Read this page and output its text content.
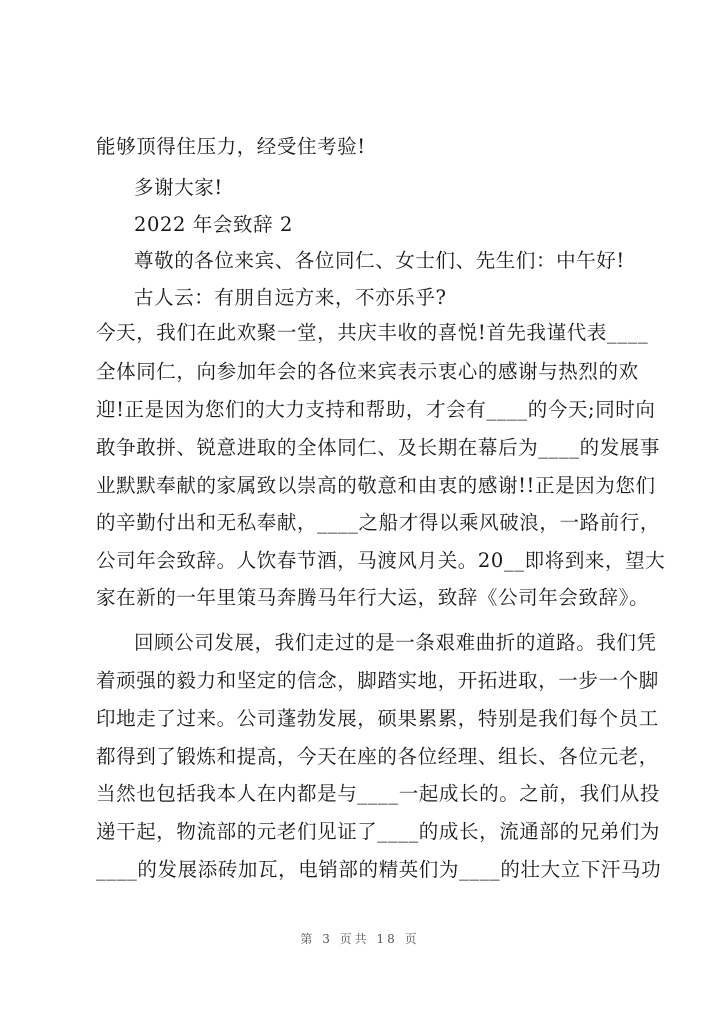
能够顶得住压力，经受住考验!
多谢大家!
2022 年会致辞 2
尊敬的各位来宾、各位同仁、女士们、先生们：中午好!
古人云：有朋自远方来，不亦乐乎?
今天，我们在此欢聚一堂，共庆丰收的喜悦!首先我谨代表____
全体同仁，向参加年会的各位来宾表示衷心的感谢与热烈的欢
迎!正是因为您们的大力支持和帮助，才会有____的今天;同时向
敢争敢拼、锐意进取的全体同仁、及长期在幕后为____的发展事
业默默奉献的家属致以崇高的敬意和由衷的感谢!!正是因为您们
的辛勤付出和无私奉献，____之船才得以乘风破浪，一路前行，
公司年会致辞。人饮春节酒，马渡风月关。20__即将到来，望大
家在新的一年里策马奔腾马年行大运，致辞《公司年会致辞》。
回顾公司发展，我们走过的是一条艰难曲折的道路。我们凭
着顽强的毅力和坚定的信念，脚踏实地，开拓进取，一步一个脚
印地走了过来。公司蓬勃发展，硕果累累，特别是我们每个员工
都得到了锻炼和提高，今天在座的各位经理、组长、各位元老，
当然也包括我本人在内都是与____一起成长的。之前，我们从投
递干起，物流部的元老们见证了____的成长，流通部的兄弟们为
____的发展添砖加瓦，电销部的精英们为____的壮大立下汗马功
第 3 页共 18 页
